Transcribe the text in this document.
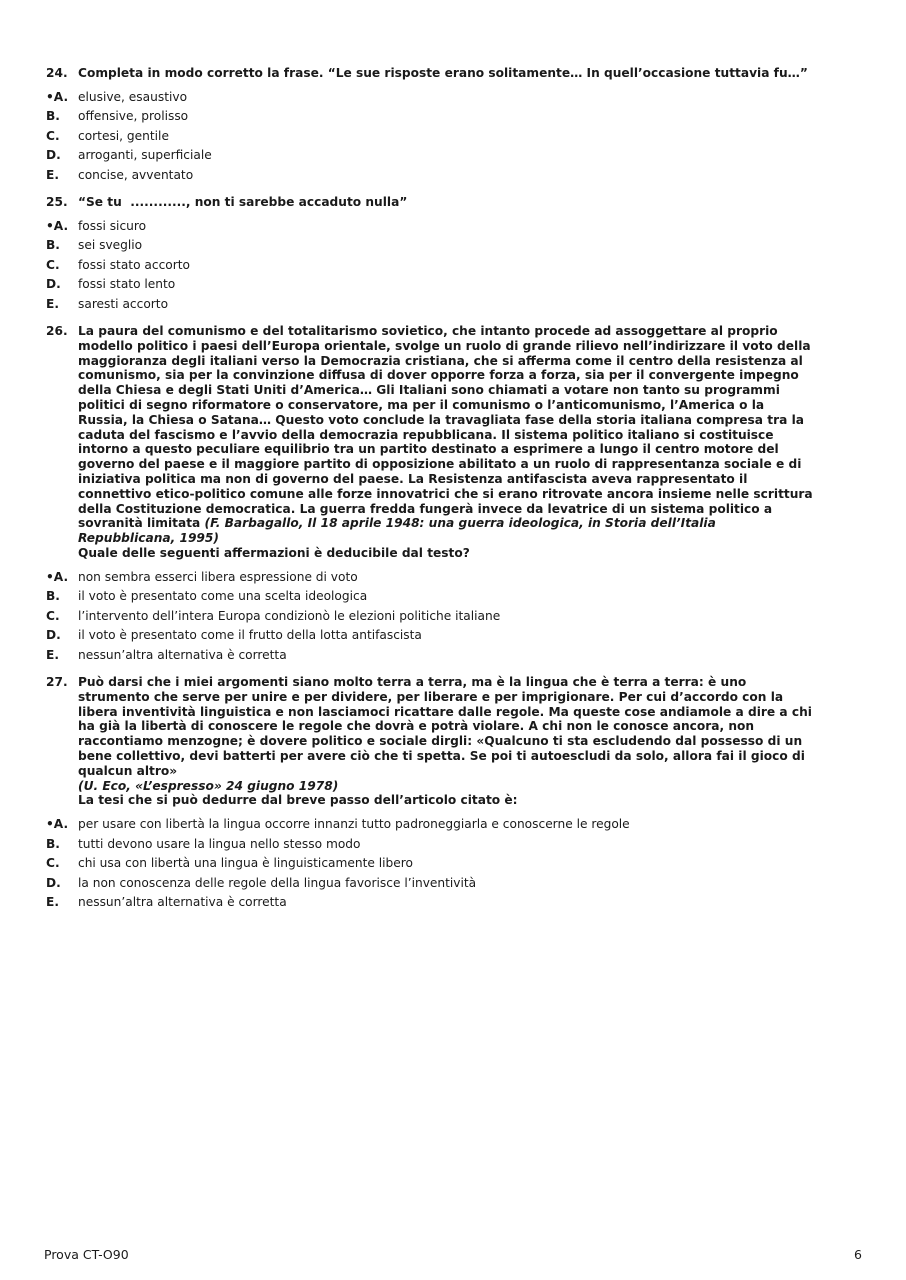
24. Completa in modo corretto la frase. “Le sue risposte erano solitamente… In quell’occasione tuttavia fu…”

•A. elusive, esaustivo
B.	offensive, prolisso
C.	cortesi, gentile
D.	arroganti, superficiale
E.	concise, avventato
25. “Se tu  ............, non ti sarebbe accaduto nulla”

•A. fossi sicuro
B.	sei sveglio
C.	fossi stato accorto
D.	fossi stato lento
E.	saresti accorto
26. La paura del comunismo e del totalitarismo sovietico, che intanto procede ad assoggettare al proprio modello politico i paesi dell’Europa orientale, svolge un ruolo di grande rilievo nell’indirizzare il voto della maggioranza degli italiani verso la Democrazia cristiana, che si afferma come il centro della resistenza al comunismo, sia per la convinzione diffusa di dover opporre forza a forza, sia per il convergente impegno della Chiesa e degli Stati Uniti d’America… Gli Italiani sono chiamati a votare non tanto su programmi politici di segno riformatore o conservatore, ma per il comunismo o l’anticomunismo, l’America o la Russia, la Chiesa o Satana… Questo voto conclude la travagliata fase della storia italiana compresa tra la caduta del fascismo e l’avvio della democrazia repubblicana. Il sistema politico italiano si costituisce intorno a questo peculiare equilibrio tra un partito destinato a esprimere a lungo il centro motore del governo del paese e il maggiore partito di opposizione abilitato a un ruolo di rappresentanza sociale e di iniziativa politica ma non di governo del paese. La Resistenza antifascista aveva rappresentato il connettivo etico-politico comune alle forze innovatrici che si erano ritrovate ancora insieme nelle scrittura della Costituzione democratica. La guerra fredda fungerà invece da levatrice di un sistema politico a sovranità limitata (F. Barbagallo, Il 18 aprile 1948: una guerra ideologica, in Storia dell’Italia Repubblicana, 1995)

Quale delle seguenti affermazioni è deducibile dal testo?

•A. non sembra esserci libera espressione di voto
B.	il voto è presentato come una scelta ideologica
C.	l’intervento dell’intera Europa condizionò le elezioni politiche italiane
D.	il voto è presentato come il frutto della lotta antifascista
E.	nessun’altra alternativa è corretta
27. Può darsi che i miei argomenti siano molto terra a terra, ma è la lingua che è terra a terra: è uno strumento che serve per unire e per dividere, per liberare e per imprigionare. Per cui d’accordo con la libera inventività linguistica e non lasciamoci ricattare dalle regole. Ma queste cose andiamole a dire a chi ha già la libertà di conoscere le regole che dovrà e potrà violare. A chi non le conosce ancora, non raccontiamo menzogne; è dovere politico e sociale dirgli: «Qualcuno ti sta escludendo dal possesso di un bene collettivo, devi batterti per avere ciò che ti spetta. Se poi ti autoescludi da solo, allora fai il gioco di qualcun altro»

(U. Eco, «L’espresso» 24 giugno 1978)

La tesi che si può dedurre dal breve passo dell’articolo citato è:

•A. per usare con libertà la lingua occorre innanzi tutto padroneggiarla e conoscerne le regole
B.	tutti devono usare la lingua nello stesso modo
C.	chi usa con libertà una lingua è linguisticamente libero
D.	la non conoscenza delle regole della lingua favorisce l’inventività
E.	nessun’altra alternativa è corretta
Prova CT-O90	6
